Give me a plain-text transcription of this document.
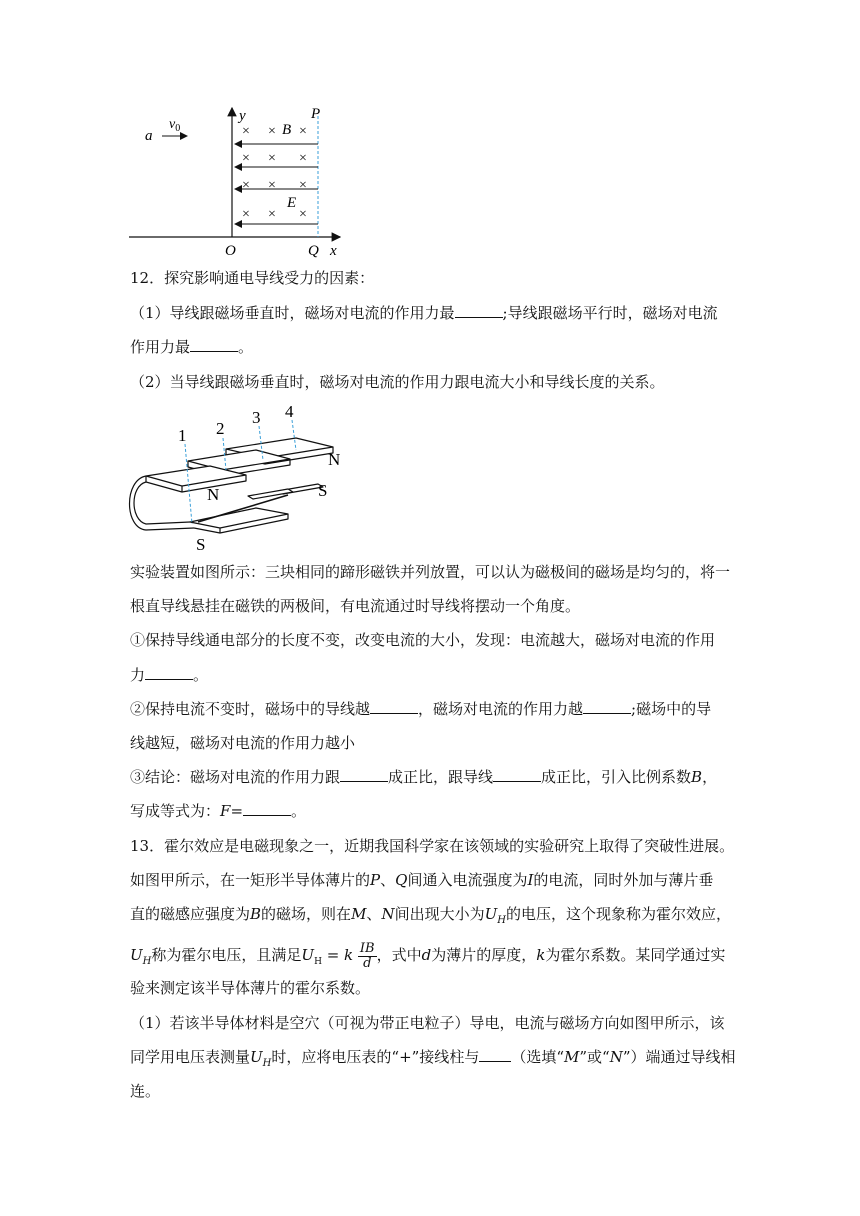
a
$v_0$
y	P
B
E
O	Q x
× × ×
× × ×
× × ×
× × ×
12．探究影响通电导线受力的因素：
（1）导线跟磁场垂直时，磁场对电流的作用力最	;导线跟磁场平行时，磁场对电流
作用力最	。
（2）当导线跟磁场垂直时，磁场对电流的作用力跟电流大小和导线长度的关系。
1 2
3 4
N
N	S
S
实验装置如图所示：三块相同的蹄形磁铁并列放置，可以认为磁极间的磁场是均匀的，将一
根直导线悬挂在磁铁的两极间，有电流通过时导线将摆动一个角度。
①保持导线通电部分的长度不变，改变电流的大小，发现：电流越大，磁场对电流的作用
力	。
②保持电流不变时，磁场中的导线越	，磁场对电流的作用力越	;磁场中的导
线越短，磁场对电流的作用力越小
③结论：磁场对电流的作用力跟	成正比，跟导线	成正比，引入比例系数B，
写成等式为：F=	。
13．霍尔效应是电磁现象之一，近期我国科学家在该领域的实验研究上取得了突破性进展。
如图甲所示，在一矩形半导体薄片的P、Q间通入电流强度为I的电流，同时外加与薄片垂
直的磁感应强度为B的磁场，则在M、N间出现大小为$U_H$的电压，这个现象称为霍尔效应，
$U_H$称为霍尔电压，且满足$U_H = k \frac{IB}{d}$ ，式中d为薄片的厚度，k为霍尔系数。某同学通过实
验来测定该半导体薄片的霍尔系数。
（1）若该半导体材料是空穴（可视为带正电粒子）导电，电流与磁场方向如图甲所示，该
同学用电压表测量$U_H$时，应将电压表的“+”接线柱与 （选填“M”或“N”）端通过导线相
连。
